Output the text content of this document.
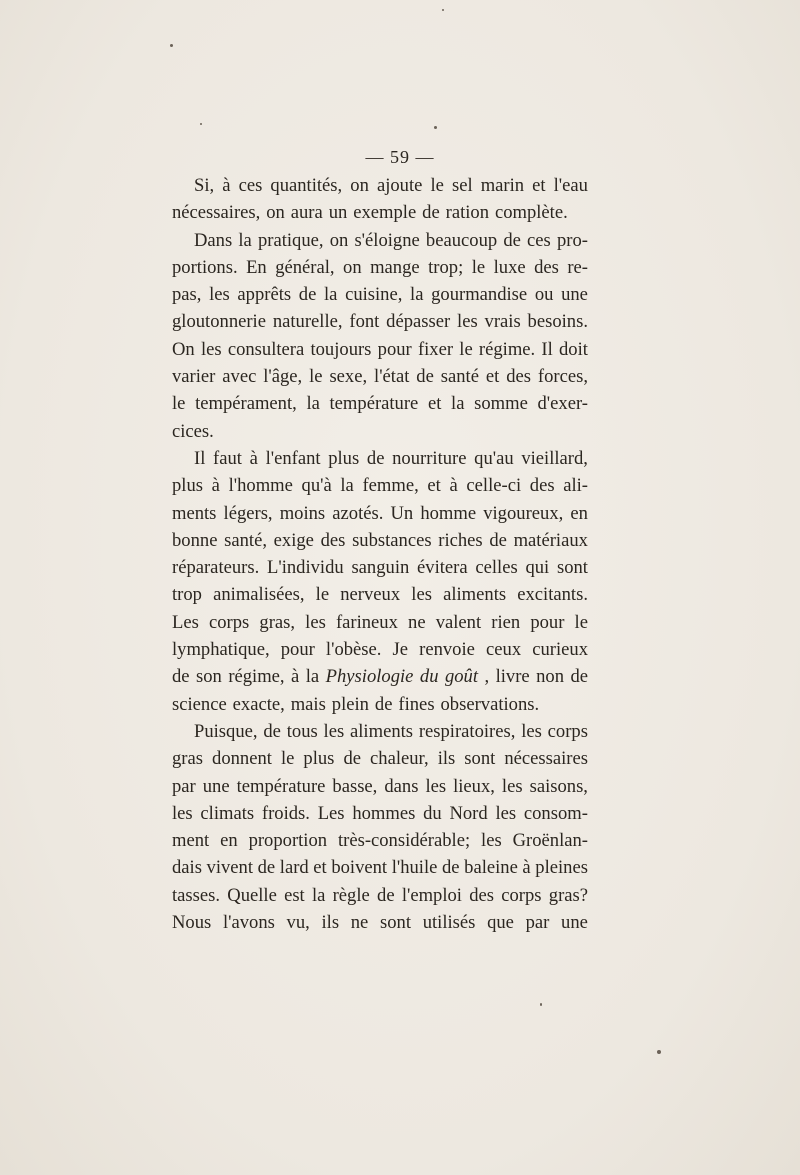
— 59 —
Si, à ces quantités, on ajoute le sel marin et l'eau
nécessaires, on aura un exemple de ration complète.
Dans la pratique, on s'éloigne beaucoup de ces pro-
portions. En général, on mange trop; le luxe des re-
pas, les apprêts de la cuisine, la gourmandise ou une
gloutonnerie naturelle, font dépasser les vrais besoins.
On les consultera toujours pour fixer le régime. Il doit
varier avec l'âge, le sexe, l'état de santé et des forces,
le tempérament, la température et la somme d'exer-
cices.
Il faut à l'enfant plus de nourriture qu'au vieillard,
plus à l'homme qu'à la femme, et à celle-ci des ali-
ments légers, moins azotés. Un homme vigoureux, en
bonne santé, exige des substances riches de matériaux
réparateurs. L'individu sanguin évitera celles qui sont
trop animalisées, le nerveux les aliments excitants.
Les corps gras, les farineux ne valent rien pour le
lymphatique, pour l'obèse. Je renvoie ceux curieux
de son régime, à la Physiologie du goût , livre non de
science exacte, mais plein de fines observations.
Puisque, de tous les aliments respiratoires, les corps
gras donnent le plus de chaleur, ils sont nécessaires
par une température basse, dans les lieux, les saisons,
les climats froids. Les hommes du Nord les consom-
ment en proportion très-considérable; les Groënlan-
dais vivent de lard et boivent l'huile de baleine à pleines
tasses. Quelle est la règle de l'emploi des corps gras?
Nous l'avons vu, ils ne sont utilisés que par une
